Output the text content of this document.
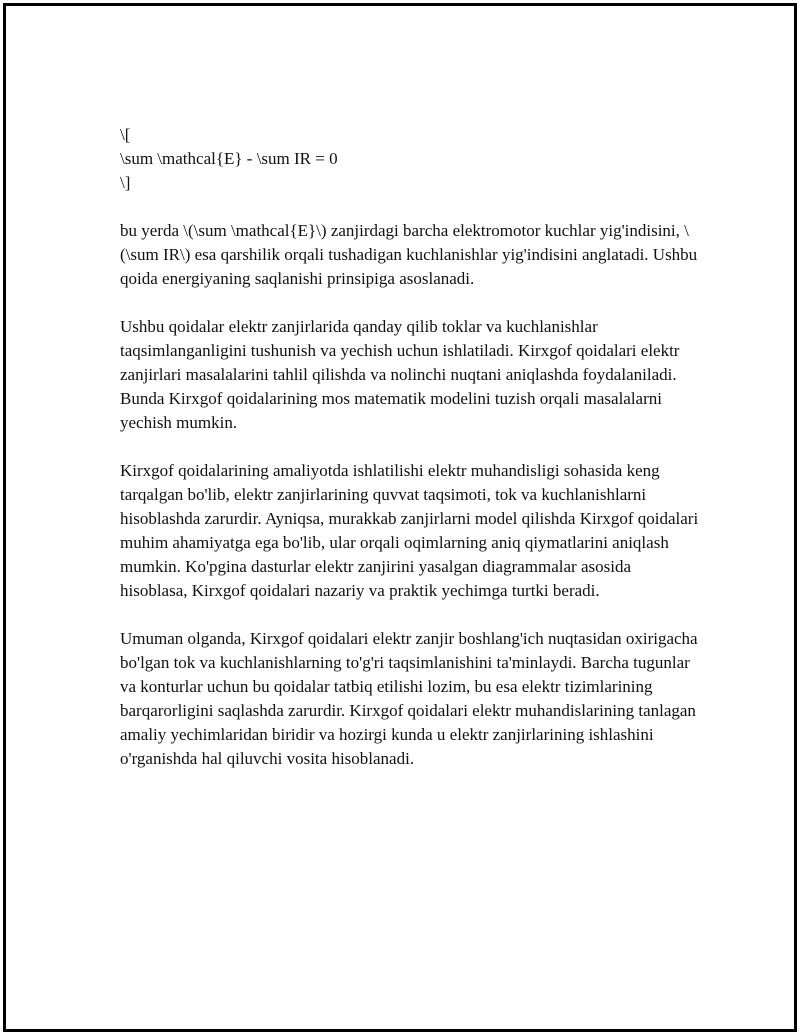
\[
\sum \mathcal{E} - \sum IR = 0
\]

bu yerda \(\sum \mathcal{E}\) zanjirdagi barcha elektromotor kuchlar yig'indisini, \(\sum IR\) esa qarshilik orqali tushadigan kuchlanishlar yig'indisini anglatadi. Ushbu qoida energiyaning saqlanishi prinsipiga asoslanadi.

Ushbu qoidalar elektr zanjirlarida qanday qilib toklar va kuchlanishlar taqsimlanganligini tushunish va yechish uchun ishlatiladi. Kirxgof qoidalari elektr zanjirlari masalalarini tahlil qilishda va nolinchi nuqtani aniqlashda foydalaniladi. Bunda Kirxgof qoidalarining mos matematik modelini tuzish orqali masalalarni yechish mumkin.

Kirxgof qoidalarining amaliyotda ishlatilishi elektr muhandisligi sohasida keng tarqalgan bo'lib, elektr zanjirlarining quvvat taqsimoti, tok va kuchlanishlarni hisoblashda zarurdir. Ayniqsa, murakkab zanjirlarni model qilishda Kirxgof qoidalari muhim ahamiyatga ega bo'lib, ular orqali oqimlarning aniq qiymatlarini aniqlash mumkin. Ko'pgina dasturlar elektr zanjirini yasalgan diagrammalar asosida hisoblasa, Kirxgof qoidalari nazariy va praktik yechimga turtki beradi.

Umuman olganda, Kirxgof qoidalari elektr zanjir boshlang'ich nuqtasidan oxirigacha bo'lgan tok va kuchlanishlarning to'g'ri taqsimlanishini ta'minlaydi. Barcha tugunlar va konturlar uchun bu qoidalar tatbiq etilishi lozim, bu esa elektr tizimlarining barqarorligini saqlashda zarurdir. Kirxgof qoidalari elektr muhandislarining tanlagan amaliy yechimlaridan biridir va hozirgi kunda u elektr zanjirlarining ishlashini o'rganishda hal qiluvchi vosita hisoblanadi.
